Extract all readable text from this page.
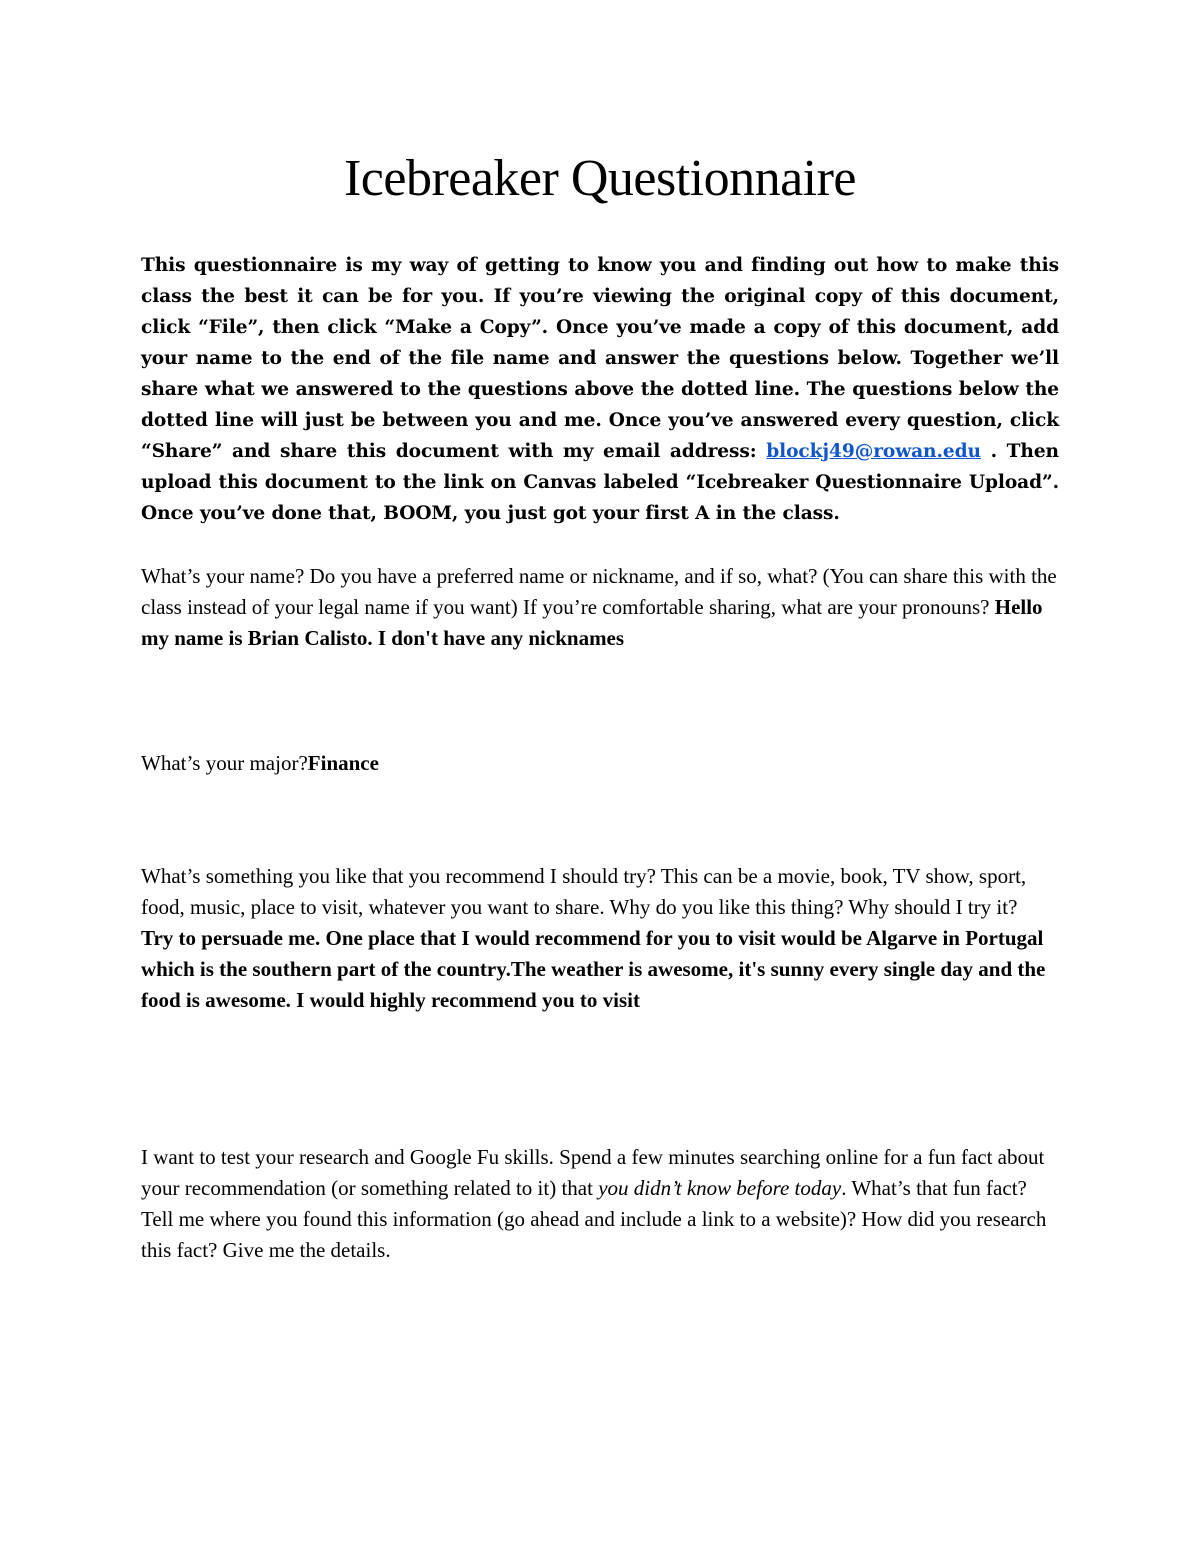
Icebreaker Questionnaire

This questionnaire is my way of getting to know you and finding out how to make this class the best it can be for you. If you’re viewing the original copy of this document, click “File”, then click “Make a Copy”. Once you’ve made a copy of this document, add your name to the end of the file name and answer the questions below. Together we’ll share what we answered to the questions above the dotted line. The questions below the dotted line will just be between you and me. Once you’ve answered every question, click “Share” and share this document with my email address: blockj49@rowan.edu . Then upload this document to the link on Canvas labeled “Icebreaker Questionnaire Upload”. Once you’ve done that, BOOM, you just got your first A in the class.

What’s your name? Do you have a preferred name or nickname, and if so, what? (You can share this with the class instead of your legal name if you want) If you’re comfortable sharing, what are your pronouns? Hello my name is Brian Calisto. I don't have any nicknames

What’s your major?Finance

What’s something you like that you recommend I should try? This can be a movie, book, TV show, sport, food, music, place to visit, whatever you want to share. Why do you like this thing? Why should I try it? Try to persuade me. One place that I would recommend for you to visit would be Algarve in Portugal which is the southern part of the country.The weather is awesome, it's sunny every single day and the food is awesome. I would highly recommend you to visit

I want to test your research and Google Fu skills. Spend a few minutes searching online for a fun fact about your recommendation (or something related to it) that you didn’t know before today. What’s that fun fact? Tell me where you found this information (go ahead and include a link to a website)? How did you research this fact? Give me the details.
